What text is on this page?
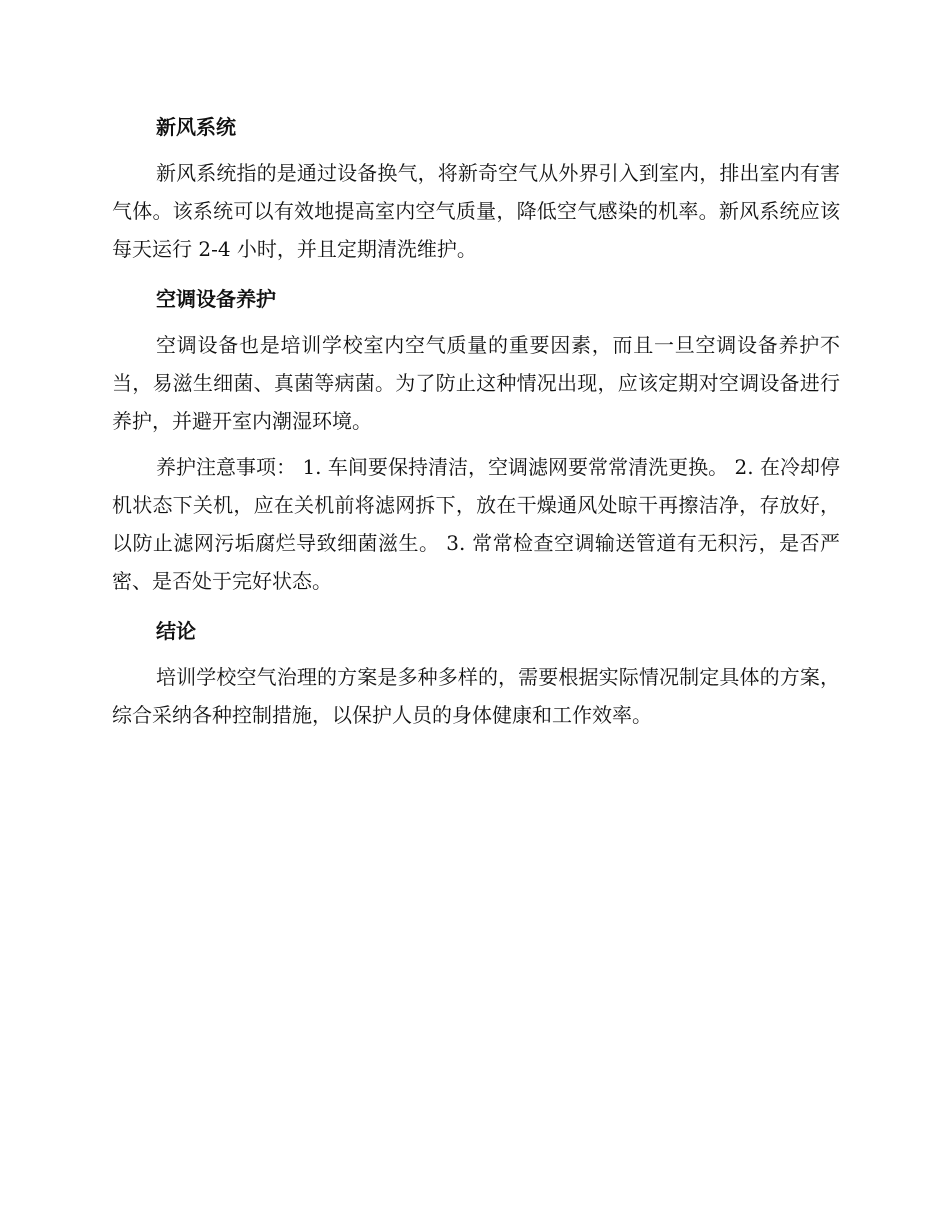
新风系统

新风系统指的是通过设备换气，将新奇空气从外界引入到室内，排出室内有害气体。该系统可以有效地提高室内空气质量，降低空气感染的机率。新风系统应该每天运行 2-4 小时，并且定期清洗维护。

空调设备养护

空调设备也是培训学校室内空气质量的重要因素，而且一旦空调设备养护不当，易滋生细菌、真菌等病菌。为了防止这种情况出现，应该定期对空调设备进行养护，并避开室内潮湿环境。

养护注意事项： 1. 车间要保持清洁，空调滤网要常常清洗更换。 2. 在冷却停机状态下关机，应在关机前将滤网拆下，放在干燥通风处晾干再擦洁净，存放好，以防止滤网污垢腐烂导致细菌滋生。 3. 常常检查空调输送管道有无积污，是否严密、是否处于完好状态。

结论

培训学校空气治理的方案是多种多样的，需要根据实际情况制定具体的方案，综合采纳各种控制措施，以保护人员的身体健康和工作效率。
